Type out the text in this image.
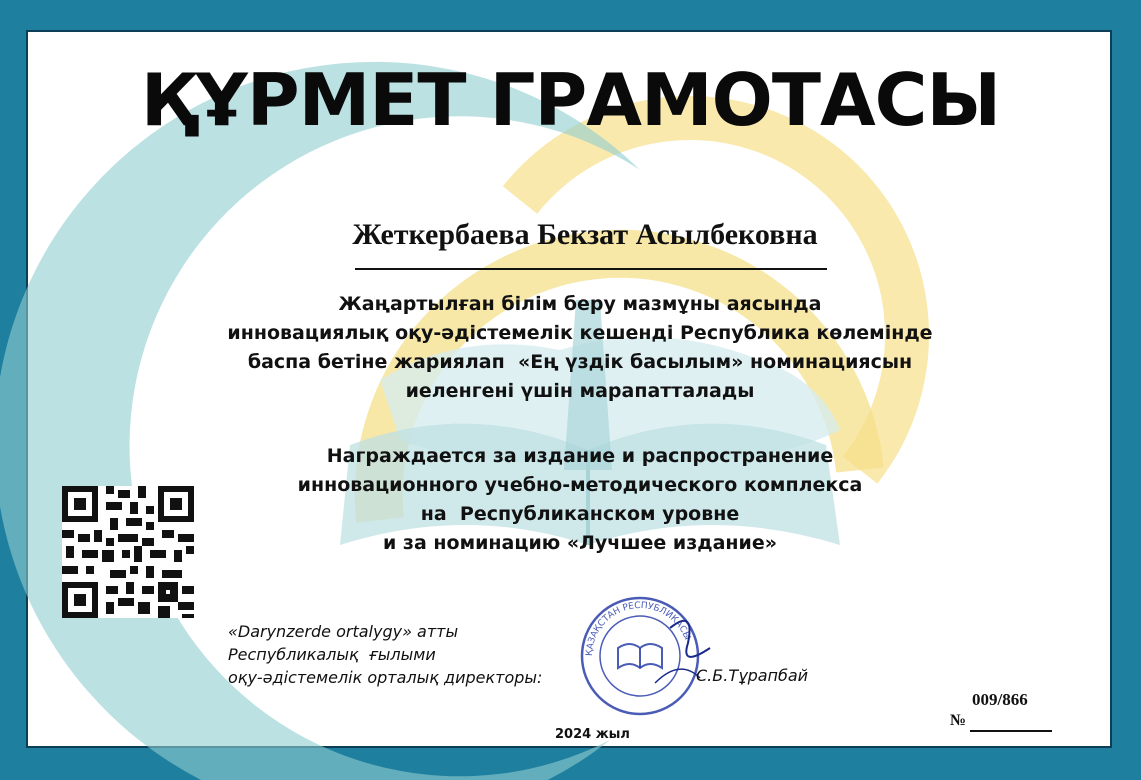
ҚҰРМЕТ ГРАМОТАСЫ
Жеткербаева Бекзат Асылбековна
Жаңартылған білім беру мазмұны аясында
инновациялық оқу-әдістемелік кешенді Республика көлемінде
баспа бетіне жариялап  «Ең үздік басылым» номинациясын
иеленгені үшін марапатталады
Награждается за издание и распространение
инновационного учебно-методического комплекса
на  Республиканском уровне
и за номинацию «Лучшее издание»
«Darynzerde ortalygy» атты
Республикалық  ғылыми
оқу-әдістемелік орталық директоры:
ҚАЗАҚСТАН РЕСПУБЛИКАСЫ
С.Б.Тұрапбай
2024 жыл
009/866
№
